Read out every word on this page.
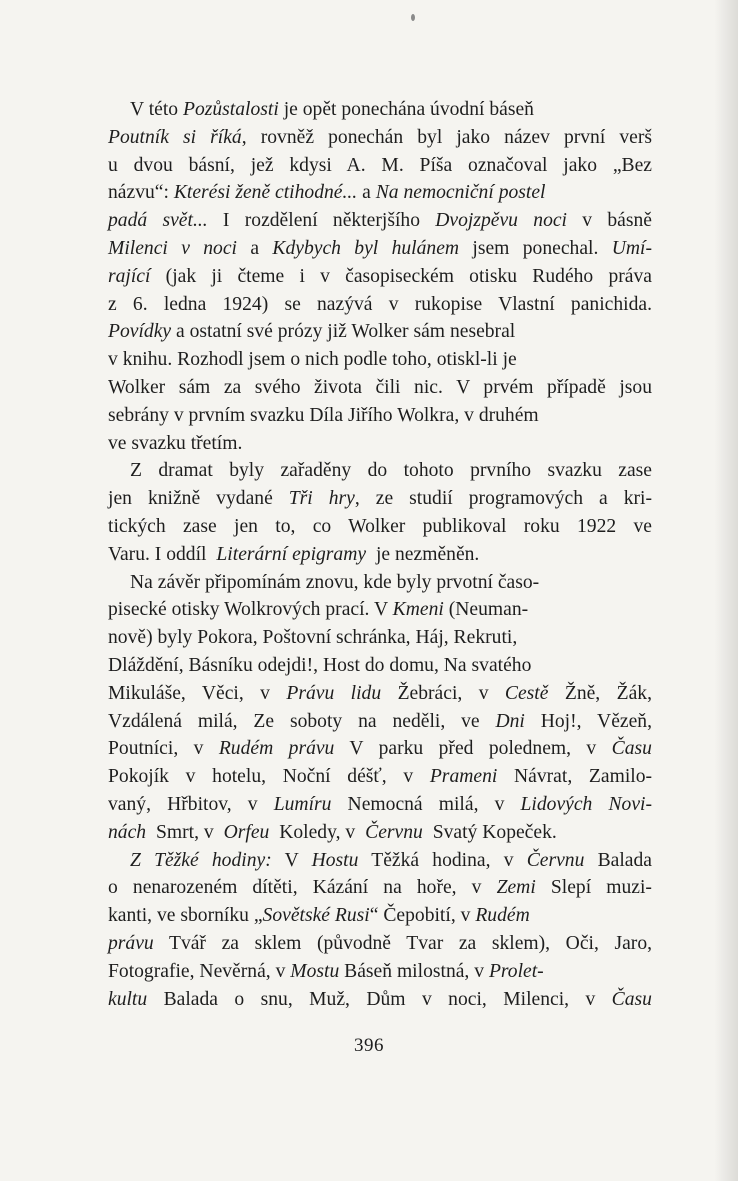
V této Pozůstalosti je opět ponechána úvodní báseň
Poutník si říká , rovněž ponechán byl jako název první verš
u dvou básní, jež kdysi A. M. Píša označoval jako „Bez
názvu“: Kterési ženě ctihodné... a Na nemocniční postel
padá svět... I rozdělení některjšího Dvojzpěvu noci v básně
Milenci v noci a Kdybych byl hulánem jsem ponechal. Umí-
rající (jak ji čteme i v časopiseckém otisku Rudého práva
z 6. ledna 1924) se nazývá v rukopise Vlastní panichida.
Povídky a ostatní své prózy již Wolker sám nesebral
v knihu. Rozhodl jsem o nich podle toho, otiskl-li je
Wolker sám za svého života čili nic. V prvém případě jsou
sebrány v prvním svazku Díla Jiřího Wolkra, v druhém
ve svazku třetím.
Z dramat byly zařaděny do tohoto prvního svazku zase
jen knižně vydané Tři hry , ze studií programových a kri-
tických zase jen to, co Wolker publikoval roku 1922 ve
Varu. I oddíl Literární epigramy je nezměněn.
Na závěr připomínám znovu, kde byly prvotní časo-
pisecké otisky Wolkrových prací. V Kmeni (Neuman-
nově) byly Pokora, Poštovní schránka, Háj, Rekruti,
Dláždění, Básníku odejdi!, Host do domu, Na svatého
Mikuláše, Věci, v Právu lidu Žebráci, v Cestě Žně, Žák,
Vzdálená milá, Ze soboty na neděli, ve Dni Hoj!, Vězeň,
Poutníci, v Rudém právu V parku před polednem, v Času
Pokojík v hotelu, Noční déšť, v Prameni Návrat, Zamilo-
vaný, Hřbitov, v Lumíru Nemocná milá, v Lidových Novi-
nách Smrt, v Orfeu Koledy, v Červnu Svatý Kopeček.
Z Těžké hodiny: V Hostu Těžká hodina, v Červnu Balada
o nenarozeném dítěti, Kázání na hoře, v Zemi Slepí muzi-
kanti, ve sborníku „ Sovětské Rusi “ Čepobití, v Rudém
právu Tvář za sklem (původně Tvar za sklem), Oči, Jaro,
Fotografie, Nevěrná, v Mostu Báseň milostná, v Prolet-
kultu Balada o snu, Muž, Dům v noci, Milenci, v Času
396
